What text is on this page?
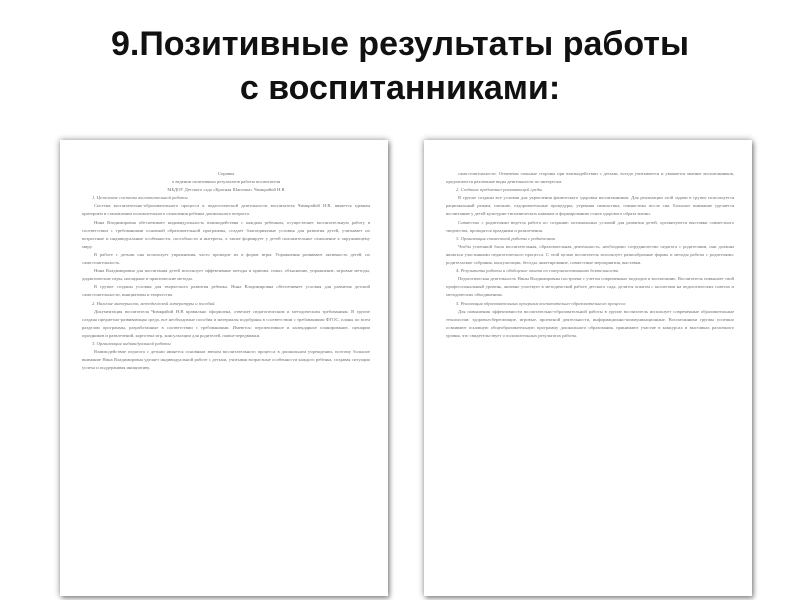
9.Позитивные результаты работы
с воспитанниками:

Справка

о ведении позитивных результатов работы воспитателя

МБДОУ Детского сада «Красная Шапочка» Чимкрайой Н.В

1. Целостное системы воспитательной работы

Система воспитательно-образовательного процесса в педагогической деятельности воспитателя Чимкрайой Н.В. является единым критерием в становлении положительного отношения ребенка дошкольного возраста.

Нина Владимировна обеспечивает индивидуальность взаимодействия с каждым ребенком, осуществляет воспитательную работу в соответствии с требованиями основной образовательной программы, создает благоприятные условия для развития детей, учитывает их возрастные и индивидуальные особенности, способности и интересы, а также формирует у детей положительное отношение к окружающему миру.

В работе с детьми она использует упражнения, часто проводит их в форме игры. Упражнения развивают активность детей, их самостоятельность.

Нина Владимировна для воспитания детей использует эффективные методы и приемы: показ, объяснение, упражнение, игровые методы, дидактические игры, наглядные и практические методы.

В группе созданы условия для творческого развития ребенка. Нина Владимировна обеспечивает условия для развития детской самостоятельности, инициативы и творчества.

2. Наличие материалов, методической литературы и пособий.

Документация воспитателя Чимкрайой Н.В правильно оформлена, отвечает педагогическим и методическим требованиям. В группе создана предметно-развивающая среда, все необходимые пособия и материалы подобраны в соответствии с требованиями ФГОС, планы по всем разделам программы, разработанные в соответствии с требованиями. Имеются: перспективное и календарное планирование, сценарии праздников и развлечений, картотека игр, консультации для родителей, папки-передвижки.

3. Организация индивидуальной работы

Взаимодействие педагога с детьми является основным звеном воспитательного процесса в дошкольном учреждении, поэтому большое внимание Нина Владимировна уделяет индивидуальной работе с детьми, учитывая возрастные особенности каждого ребенка, создавая ситуации успеха и поддерживая инициативу.

самостоятельности. Отмечены сильные стороны при взаимодействии с детьми, всегда учитывается и уважается мнение воспитанников, предлагаются различные виды деятельности по интересам.

2. Создание предметно-развивающей среды

В группе созданы все условия для укрепления физического здоровья воспитанников. Для реализации этой задачи в группе используется рациональный режим, питание, оздоровительные процедуры, утренняя гимнастика, гимнастика после сна. Большое внимание уделяется воспитанию у детей культурно-гигиенических навыков и формированию основ здорового образа жизни.

Совместно с родителями ведется работа по созданию оптимальных условий для развития детей, организуются выставки совместного творчества, проводятся праздники и развлечения.

3. Организация совместной работы с родителями

Чтобы успешной была воспитательная, образовательная деятельность, необходимо сотрудничество педагога с родителями, они должны являться участниками педагогического процесса. С этой целью воспитатель использует разнообразные формы и методы работы с родителями: родительские собрания, консультации, беседы, анкетирование, совместные мероприятия, выставки.

4. Результаты работы и обобщение опыта по совершенствованию деятельности

Педагогическая деятельность Нины Владимировны построена с учетом современных подходов к воспитанию. Воспитатель повышает свой профессиональный уровень, активно участвует в методической работе детского сада, делится опытом с коллегами на педагогических советах и методических объединениях.

5. Реализация образовательных программ воспитательно-образовательного процесса

Для повышения эффективности воспитательно-образовательной работы в группе воспитатель использует современные образовательные технологии: здоровьесберегающие, игровые, проектной деятельности, информационно-коммуникационные. Воспитанники группы успешно осваивают основную общеобразовательную программу дошкольного образования, принимают участие в конкурсах и выставках различного уровня, что свидетельствует о положительных результатах работы.
